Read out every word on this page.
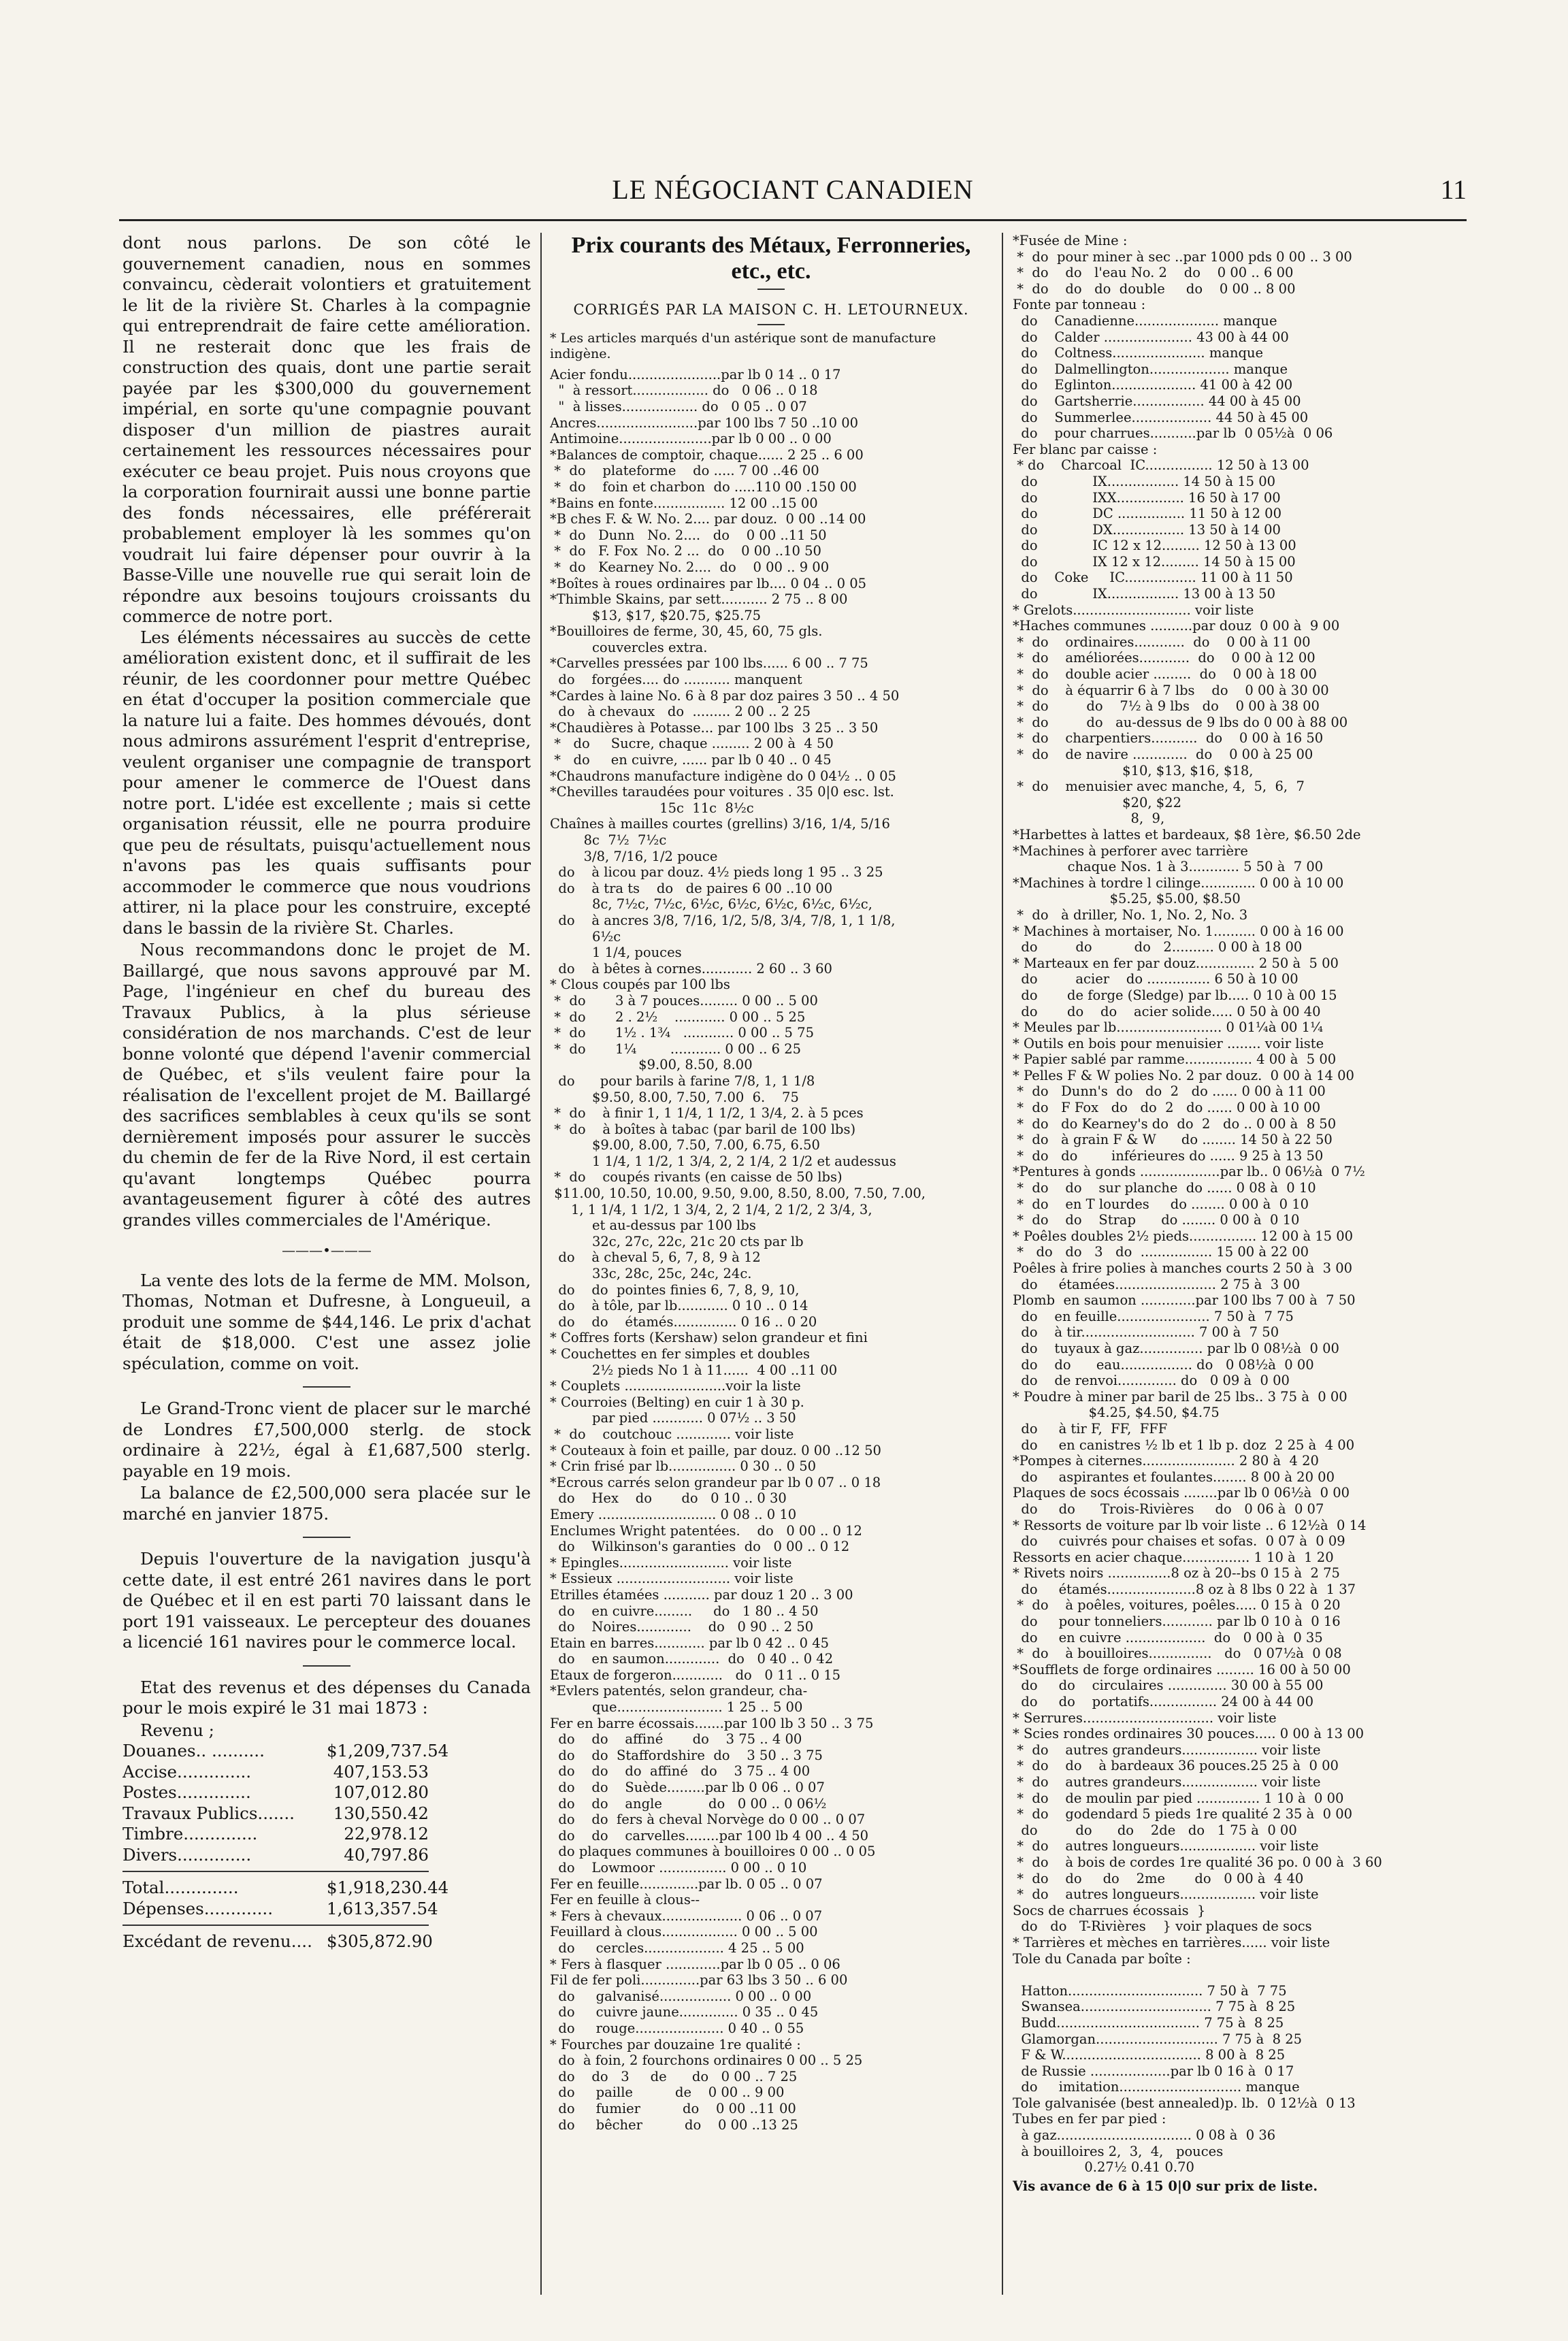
LE NÉGOCIANT CANADIEN	11

dont nous parlons. De son côté le gouvernement canadien, nous en sommes convaincu, cèderait volontiers et gratuitement le lit de la rivière St. Charles à la compagnie qui entreprendrait de faire cette amélioration. Il ne resterait donc que les frais de construction des quais, dont une partie serait payée par les $300,000 du gouvernement impérial, en sorte qu'une compagnie pouvant disposer d'un million de piastres aurait certainement les ressources nécessaires pour exécuter ce beau projet. Puis nous croyons que la corporation fournirait aussi une bonne partie des fonds nécessaires, elle préférerait probablement employer là les sommes qu'on voudrait lui faire dépenser pour ouvrir à la Basse-Ville une nouvelle rue qui serait loin de répondre aux besoins toujours croissants du commerce de notre port.

Les éléments nécessaires au succès de cette amélioration existent donc, et il suffirait de les réunir, de les coordonner pour mettre Québec en état d'occuper la position commerciale que la nature lui a faite. Des hommes dévoués, dont nous admirons assurément l'esprit d'entreprise, veulent organiser une compagnie de transport pour amener le commerce de l'Ouest dans notre port. L'idée est excellente ; mais si cette organisation réussit, elle ne pourra produire que peu de résultats, puisqu'actuellement nous n'avons pas les quais suffisants pour accommoder le commerce que nous voudrions attirer, ni la place pour les construire, excepté dans le bassin de la rivière St. Charles.

Nous recommandons donc le projet de M. Baillargé, que nous savons approuvé par M. Page, l'ingénieur en chef du bureau des Travaux Publics, à la plus sérieuse considération de nos marchands. C'est de leur bonne volonté que dépend l'avenir commercial de Québec, et s'ils veulent faire pour la réalisation de l'excellent projet de M. Baillargé des sacrifices semblables à ceux qu'ils se sont dernièrement imposés pour assurer le succès du chemin de fer de la Rive Nord, il est certain qu'avant longtemps Québec pourra avantageusement figurer à côté des autres grandes villes commerciales de l'Amérique.

———•———

La vente des lots de la ferme de MM. Molson, Thomas, Notman et Dufresne, à Longueuil, a produit une somme de $44,146. Le prix d'achat était de $18,000. C'est une assez jolie spéculation, comme on voit.

Le Grand-Tronc vient de placer sur le marché de Londres £7,500,000 sterlg. de stock ordinaire à 22½, égal à £1,687,500 sterlg. payable en 19 mois.

La balance de £2,500,000 sera placée sur le marché en janvier 1875.

Depuis l'ouverture de la navigation jusqu'à cette date, il est entré 261 navires dans le port de Québec et il en est parti 70 laissant dans le port 191 vaisseaux. Le percepteur des douanes a licencié 161 navires pour le commerce local.

Etat des revenus et des dépenses du Canada pour le mois expiré le 31 mai 1873 :

Revenu ;

Douanes.. ..........	$1,209,737.54
Accise..............	407,153.53
Postes..............	107,012.80
Travaux Publics.......	130,550.42
Timbre..............	22,978.12
Divers..............	40,797.86
Total..............	$1,918,230.44
Dépenses.............	1,613,357.54
Excédant de revenu.... $305,872.90
Prix courants des Métaux, Ferronneries, etc., etc.
CORRIGÉS PAR LA MAISON C. H. LETOURNEUX.
* Les articles marqués d'un astérique sont de manufacture indigène.
Acier fondu......................par lb 0 14 .. 0 17
"  à ressort.................. do   0 06 .. 0 18
"  à lisses.................. do   0 05 .. 0 07
Ancres........................par 100 lbs 7 50 ..10 00
Antimoine......................par lb 0 00 .. 0 00
*Balances de comptoir, chaque...... 2 25 .. 6 00
*  do    plateforme    do ..... 7 00 ..46 00
*  do    foin et charbon  do .....110 00 .150 00
*Bains en fonte................. 12 00 ..15 00
*B ches F. & W. No. 2.... par douz.  0 00 ..14 00
*  do   Dunn   No. 2....   do    0 00 ..11 50
*  do   F. Fox  No. 2 ...  do    0 00 ..10 50
*  do   Kearney No. 2....  do    0 00 .. 9 00
*Boîtes à roues ordinaires par lb.... 0 04 .. 0 05
*Thimble Skains, par sett........... 2 75 .. 8 00
$13, $17, $20.75, $25.75
*Bouilloires de ferme, 30, 45, 60, 75 gls.
couvercles extra.
*Carvelles pressées par 100 lbs...... 6 00 .. 7 75
do    forgées.... do ........... manquent
*Cardes à laine No. 6 à 8 par doz paires 3 50 .. 4 50
do   à chevaux   do  ......... 2 00 .. 2 25
*Chaudières à Potasse... par 100 lbs  3 25 .. 3 50
*   do     Sucre, chaque ......... 2 00 à  4 50
*   do     en cuivre, ...... par lb 0 40 .. 0 45
*Chaudrons manufacture indigène do 0 04½ .. 0 05
*Chevilles taraudées pour voitures . 35 0|0 esc. lst.
15c  11c  8½c
Chaînes à mailles courtes (grellins) 3/16, 1/4, 5/16
8c  7½  7½c
3/8, 7/16, 1/2 pouce
do    à licou par douz. 4½ pieds long 1 95 .. 3 25
do    à tra ts    do   de paires 6 00 ..10 00
8c, 7½c, 7½c, 6½c, 6½c, 6½c, 6½c, 6½c,
do    à ancres 3/8, 7/16, 1/2, 5/8, 3/4, 7/8, 1, 1 1/8,
6½c
1 1/4, pouces
do    à bêtes à cornes............ 2 60 .. 3 60
* Clous coupés par 100 lbs
*  do       3 à 7 pouces......... 0 00 .. 5 00
*  do       2 . 2½    ............ 0 00 .. 5 25
*  do       1½ . 1¾   ............ 0 00 .. 5 75
*  do       1¼        ............ 0 00 .. 6 25
$9.00, 8.50, 8.00
do      pour barils à farine 7/8, 1, 1 1/8
$9.50, 8.00, 7.50, 7.00  6.    75
*  do    à finir 1, 1 1/4, 1 1/2, 1 3/4, 2. à 5 pces
*  do    à boîtes à tabac (par baril de 100 lbs)
$9.00, 8.00, 7.50, 7.00, 6.75, 6.50
1 1/4, 1 1/2, 1 3/4, 2, 2 1/4, 2 1/2 et audessus
*  do    coupés rivants (en caisse de 50 lbs)
$11.00, 10.50, 10.00, 9.50, 9.00, 8.50, 8.00, 7.50, 7.00,
1, 1 1/4, 1 1/2, 1 3/4, 2, 2 1/4, 2 1/2, 2 3/4, 3,
et au-dessus par 100 lbs
32c, 27c, 22c, 21c 20 cts par lb
do    à cheval 5, 6, 7, 8, 9 à 12
33c, 28c, 25c, 24c, 24c.
do    do  pointes finies 6, 7, 8, 9, 10,
do    à tôle, par lb............ 0 10 .. 0 14
do    do    étamés............... 0 16 .. 0 20
* Coffres forts (Kershaw) selon grandeur et fini
* Couchettes en fer simples et doubles
2½ pieds No 1 à 11......  4 00 ..11 00
* Couplets ........................voir la liste
* Courroies (Belting) en cuir 1 à 30 p.
par pied ............ 0 07½ .. 3 50
*  do    coutchouc ............. voir liste
* Couteaux à foin et paille, par douz. 0 00 ..12 50
* Crin frisé par lb................ 0 30 .. 0 50
*Ecrous carrés selon grandeur par lb 0 07 .. 0 18
do    Hex    do       do   0 10 .. 0 30
Emery ............................ 0 08 .. 0 10
Enclumes Wright patentées.    do   0 00 .. 0 12
do    Wilkinson's garanties  do   0 00 .. 0 12
* Epingles.......................... voir liste
* Essieux ........................... voir liste
Etrilles étamées ........... par douz 1 20 .. 3 00
do    en cuivre.........     do   1 80 .. 4 50
do    Noires.............    do   0 90 .. 2 50
Etain en barres............ par lb 0 42 .. 0 45
do    en saumon.............  do   0 40 .. 0 42
Etaux de forgeron............   do   0 11 .. 0 15
*Evlers patentés, selon grandeur, cha-
que......................... 1 25 .. 5 00
Fer en barre écossais.......par 100 lb 3 50 .. 3 75
do    do    affiné       do    3 75 .. 4 00
do    do  Staffordshire  do    3 50 .. 3 75
do    do    do  affiné   do    3 75 .. 4 00
do    do    Suède.........par lb 0 06 .. 0 07
do    do    angle           do   0 00 .. 0 06½
do    do  fers à cheval Norvège do 0 00 .. 0 07
do    do    carvelles........par 100 lb 4 00 .. 4 50
do plaques communes à bouilloires 0 00 .. 0 05
do    Lowmoor ................ 0 00 .. 0 10
Fer en feuille..............par lb. 0 05 .. 0 07
Fer en feuille à clous--
* Fers à chevaux................... 0 06 .. 0 07
Feuillard à clous.................. 0 00 .. 5 00
do     cercles................... 4 25 .. 5 00
* Fers à flasquer .............par lb 0 05 .. 0 06
Fil de fer poli..............par 63 lbs 3 50 .. 6 00
do     galvanisé................. 0 00 .. 0 00
do     cuivre jaune.............. 0 35 .. 0 45
do     rouge..................... 0 40 .. 0 55
* Fourches par douzaine 1re qualité :
do  à foin, 2 fourchons ordinaires 0 00 .. 5 25
do    do   3     de      do   0 00 .. 7 25
do     paille          de    0 00 .. 9 00
do     fumier          do    0 00 ..11 00
do     bêcher          do    0 00 ..13 25
*Fusée de Mine :
*  do  pour miner à sec ..par 1000 pds 0 00 .. 3 00
*  do    do   l'eau No. 2    do    0 00 .. 6 00
*  do    do   do  double     do    0 00 .. 8 00
Fonte par tonneau :
do    Canadienne.................... manque
do    Calder ..................... 43 00 à 44 00
do    Coltness...................... manque
do    Dalmellington................... manque
do    Eglinton.................... 41 00 à 42 00
do    Gartsherrie................. 44 00 à 45 00
do    Summerlee................... 44 50 à 45 00
do    pour charrues...........par lb  0 05½à  0 06
Fer blanc par caisse :
* do    Charcoal  IC................ 12 50 à 13 00
do             IX................. 14 50 à 15 00
do             IXX................ 16 50 à 17 00
do             DC ................ 11 50 à 12 00
do             DX................. 13 50 à 14 00
do             IC 12 x 12......... 12 50 à 13 00
do             IX 12 x 12......... 14 50 à 15 00
do    Coke     IC................. 11 00 à 11 50
do             IX................. 13 00 à 13 50
* Grelots............................ voir liste
*Haches communes ..........par douz  0 00 à  9 00
*  do    ordinaires............  do    0 00 à 11 00
*  do    améliorées............  do    0 00 à 12 00
*  do    double acier .........  do    0 00 à 18 00
*  do    à équarrir 6 à 7 lbs    do    0 00 à 30 00
*  do         do    7½ à 9 lbs   do    0 00 à 38 00
*  do         do   au-dessus de 9 lbs do 0 00 à 88 00
*  do    charpentiers...........  do    0 00 à 16 50
*  do    de navire .............  do    0 00 à 25 00
$10, $13, $16, $18,
*  do    menuisier avec manche, 4,  5,  6,  7
$20, $22
8,  9,
*Harbettes à lattes et bardeaux, $8 1ère, $6.50 2de
*Machines à perforer avec tarrière
chaque Nos. 1 à 3............ 5 50 à  7 00
*Machines à tordre l cilinge............. 0 00 à 10 00
$5.25, $5.00, $8.50
*  do   à driller, No. 1, No. 2, No. 3
* Machines à mortaiser, No. 1.......... 0 00 à 16 00
do         do          do   2.......... 0 00 à 18 00
* Marteaux en fer par douz.............. 2 50 à  5 00
do         acier    do ............... 6 50 à 10 00
do       de forge (Sledge) par lb..... 0 10 à 00 15
do       do    do    acier solide..... 0 50 à 00 40
* Meules par lb......................... 0 01¼à 00 1¼
* Outils en bois pour menuisier ........ voir liste
* Papier sablé par ramme................ 4 00 à  5 00
* Pelles F & W polies No. 2 par douz.  0 00 à 14 00
*  do   Dunn's  do   do  2   do ...... 0 00 à 11 00
*  do   F Fox   do   do  2   do ...... 0 00 à 10 00
*  do   do Kearney's do  do  2   do .. 0 00 à  8 50
*  do   à grain F & W      do ........ 14 50 à 22 50
*  do   do        inférieures do ...... 9 25 à 13 50
*Pentures à gonds ...................par lb.. 0 06½à  0 7½
*  do    do    sur planche  do ...... 0 08 à  0 10
*  do    en T lourdes     do ........ 0 00 à  0 10
*  do    do    Strap      do ........ 0 00 à  0 10
* Poêles doubles 2½ pieds................ 12 00 à 15 00
*   do   do   3   do  ................. 15 00 à 22 00
Poêles à frire polies à manches courts 2 50 à  3 00
do     étamées........................ 2 75 à  3 00
Plomb  en saumon .............par 100 lbs 7 00 à  7 50
do    en feuille...................... 7 50 à  7 75
do    à tir........................... 7 00 à  7 50
do    tuyaux à gaz............... par lb 0 08½à  0 00
do    do      eau................. do   0 08½à  0 00
do    de renvoi.............. do   0 09 à  0 00
* Poudre à miner par baril de 25 lbs.. 3 75 à  0 00
$4.25, $4.50, $4.75
do     à tir F,  FF,  FFF
do     en canistres ½ lb et 1 lb p. doz  2 25 à  4 00
*Pompes à citernes...................... 2 80 à  4 20
do     aspirantes et foulantes........ 8 00 à 20 00
Plaques de socs écossais ........par lb 0 06½à  0 00
do     do      Trois-Rivières     do   0 06 à  0 07
* Ressorts de voiture par lb voir liste .. 6 12½à  0 14
do     cuivrés pour chaises et sofas.  0 07 à  0 09
Ressorts en acier chaque................ 1 10 à  1 20
* Rivets noirs ...............8 oz à 20--bs 0 15 à  2 75
do     étamés.....................8 oz à 8 lbs 0 22 à  1 37
*  do    à poêles, voitures, poêles..... 0 15 à  0 20
do     pour tonneliers............ par lb 0 10 à  0 16
do     en cuivre ...................  do   0 00 à  0 35
*  do    à bouilloires...............   do   0 07½à  0 08
*Soufflets de forge ordinaires ......... 16 00 à 50 00
do     do    circulaires .............. 30 00 à 55 00
do     do    portatifs................ 24 00 à 44 00
* Serrures............................... voir liste
* Scies rondes ordinaires 30 pouces..... 0 00 à 13 00
*  do    autres grandeurs.................. voir liste
*  do    do    à bardeaux 36 pouces.25 25 à  0 00
*  do    autres grandeurs.................. voir liste
*  do    de moulin par pied ............... 1 10 à  0 00
*  do    godendard 5 pieds 1re qualité 2 35 à  0 00
do         do      do    2de   do   1 75 à  0 00
*  do    autres longueurs.................. voir liste
*  do    à bois de cordes 1re qualité 36 po. 0 00 à  3 60
*  do    do     do    2me       do   0 00 à  4 40
*  do    autres longueurs.................. voir liste
Socs de charrues écossais  }
do   do   T-Rivières    } voir plaques de socs
* Tarrières et mèches en tarrières...... voir liste
Tole du Canada par boîte :

Hatton................................ 7 50 à  7 75
Swansea............................... 7 75 à  8 25
Budd.................................. 7 75 à  8 25
Glamorgan............................. 7 75 à  8 25
F & W................................. 8 00 à  8 25
de Russie ...................par lb 0 16 à  0 17
do     imitation............................. manque
Tole galvanisée (best annealed)p. lb.  0 12½à  0 13
Tubes en fer par pied :
à gaz................................ 0 08 à  0 36
à bouilloires 2,  3,  4,   pouces
0.27½ 0.41 0.70
Vis avance de 6 à 15 0|0 sur prix de liste.
